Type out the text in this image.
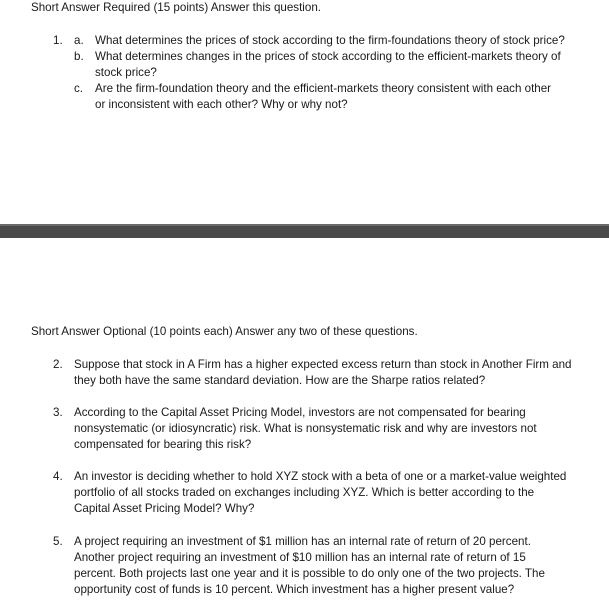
Short Answer Required (15 points) Answer this question.
1. a. What determines the prices of stock according to the firm-foundations theory of stock price?
b. What determines changes in the prices of stock according to the efficient-markets theory of
stock price?
c. Are the firm-foundation theory and the efficient-markets theory consistent with each other
or inconsistent with each other? Why or why not?
Short Answer Optional (10 points each) Answer any two of these questions.
2. Suppose that stock in A Firm has a higher expected excess return than stock in Another Firm and
they both have the same standard deviation. How are the Sharpe ratios related?
3. According to the Capital Asset Pricing Model, investors are not compensated for bearing
nonsystematic (or idiosyncratic) risk. What is nonsystematic risk and why are investors not
compensated for bearing this risk?
4. An investor is deciding whether to hold XYZ stock with a beta of one or a market-value weighted
portfolio of all stocks traded on exchanges including XYZ. Which is better according to the
Capital Asset Pricing Model? Why?
5. A project requiring an investment of $1 million has an internal rate of return of 20 percent.
Another project requiring an investment of $10 million has an internal rate of return of 15
percent. Both projects last one year and it is possible to do only one of the two projects. The
opportunity cost of funds is 10 percent. Which investment has a higher present value?
